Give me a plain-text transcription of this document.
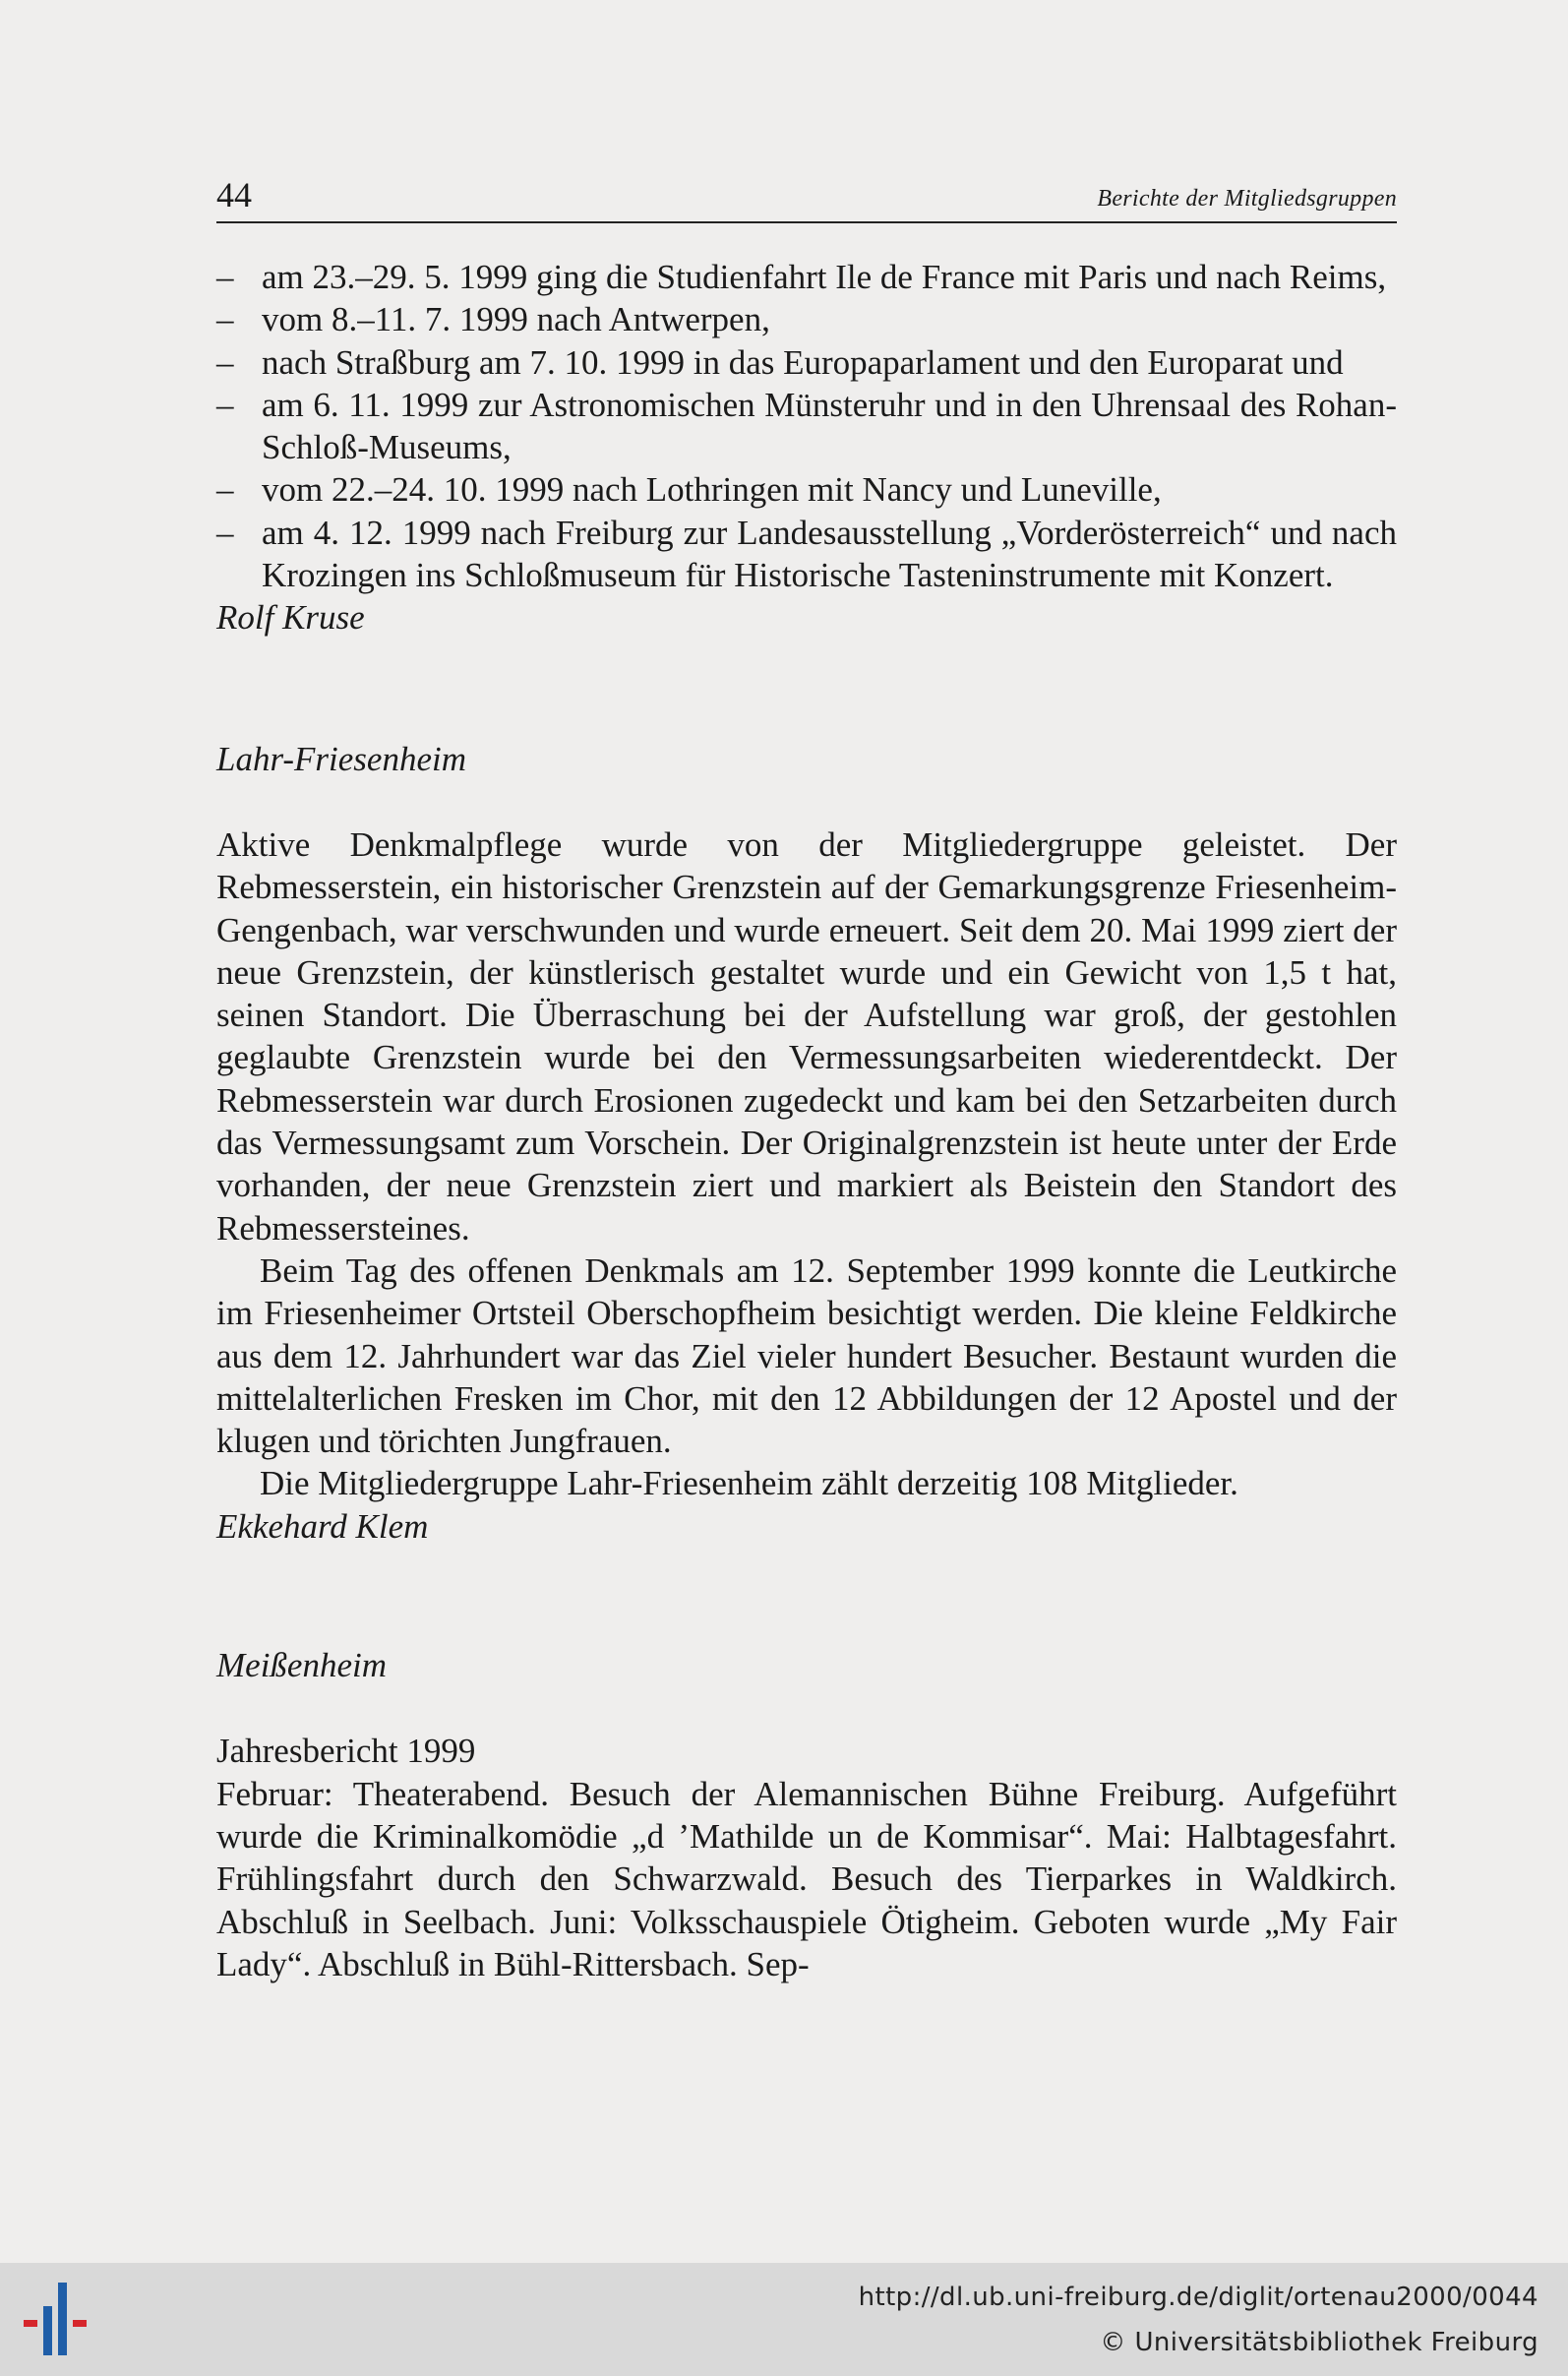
44	Berichte der Mitgliedsgruppen
– am 23.–29. 5. 1999 ging die Studienfahrt Ile de France mit Paris und nach Reims,
– vom 8.–11. 7. 1999 nach Antwerpen,
– nach Straßburg am 7. 10. 1999 in das Europaparlament und den Europarat und
– am 6. 11. 1999 zur Astronomischen Münsteruhr und in den Uhrensaal des Rohan-Schloß-Museums,
– vom 22.–24. 10. 1999 nach Lothringen mit Nancy und Luneville,
– am 4. 12. 1999 nach Freiburg zur Landesausstellung „Vorderösterreich“ und nach Krozingen ins Schloßmuseum für Historische Tasteninstrumente mit Konzert.

Rolf Kruse

Lahr-Friesenheim

Aktive Denkmalpflege wurde von der Mitgliedergruppe geleistet. Der Rebmesserstein, ein historischer Grenzstein auf der Gemarkungsgrenze Friesenheim-Gengenbach, war verschwunden und wurde erneuert. Seit dem 20. Mai 1999 ziert der neue Grenzstein, der künstlerisch gestaltet wurde und ein Gewicht von 1,5 t hat, seinen Standort. Die Überraschung bei der Aufstellung war groß, der gestohlen geglaubte Grenzstein wurde bei den Vermessungsarbeiten wiederentdeckt. Der Rebmesserstein war durch Erosionen zugedeckt und kam bei den Setzarbeiten durch das Vermessungsamt zum Vorschein. Der Originalgrenzstein ist heute unter der Erde vorhanden, der neue Grenzstein ziert und markiert als Beistein den Standort des Rebmessersteines.

Beim Tag des offenen Denkmals am 12. September 1999 konnte die Leutkirche im Friesenheimer Ortsteil Oberschopfheim besichtigt werden. Die kleine Feldkirche aus dem 12. Jahrhundert war das Ziel vieler hundert Besucher. Bestaunt wurden die mittelalterlichen Fresken im Chor, mit den 12 Abbildungen der 12 Apostel und der klugen und törichten Jungfrauen.

Die Mitgliedergruppe Lahr-Friesenheim zählt derzeitig 108 Mitglieder.

Ekkehard Klem

Meißenheim

Jahresbericht 1999

Februar: Theaterabend. Besuch der Alemannischen Bühne Freiburg. Aufgeführt wurde die Kriminalkomödie „d ’Mathilde un de Kommisar“. Mai: Halbtagesfahrt. Frühlingsfahrt durch den Schwarzwald. Besuch des Tierparkes in Waldkirch. Abschluß in Seelbach. Juni: Volksschauspiele Ötigheim. Geboten wurde „My Fair Lady“. Abschluß in Bühl-Rittersbach. Sep-

http://dl.ub.uni-freiburg.de/diglit/ortenau2000/0044
© Universitätsbibliothek Freiburg
